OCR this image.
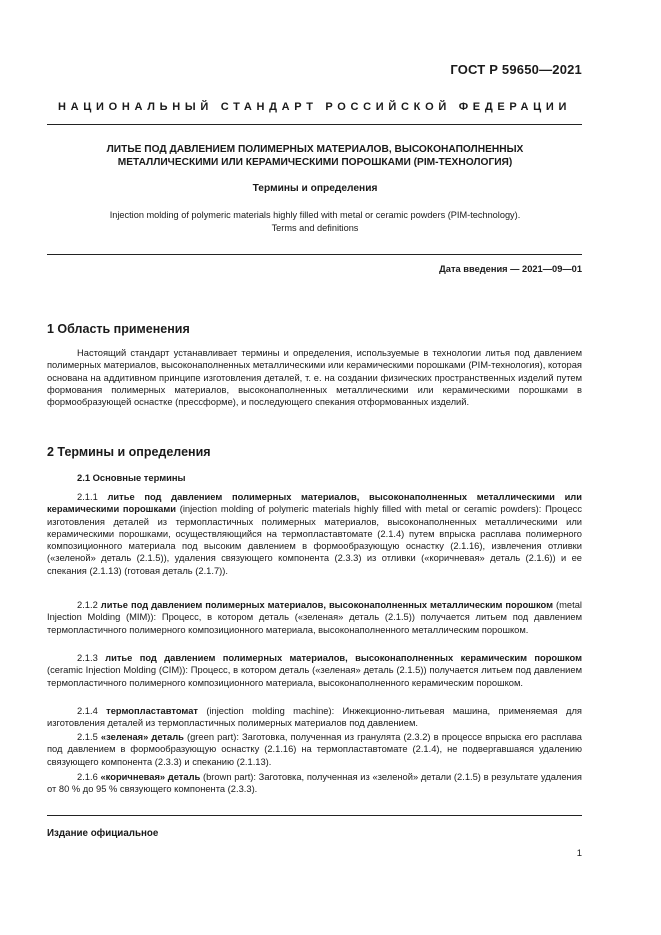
ГОСТ Р 59650—2021
НАЦИОНАЛЬНЫЙ СТАНДАРТ РОССИЙСКОЙ ФЕДЕРАЦИИ
ЛИТЬЕ ПОД ДАВЛЕНИЕМ ПОЛИМЕРНЫХ МАТЕРИАЛОВ, ВЫСОКОНАПОЛНЕННЫХ
МЕТАЛЛИЧЕСКИМИ ИЛИ КЕРАМИЧЕСКИМИ ПОРОШКАМИ (PIM-ТЕХНОЛОГИЯ)
Термины и определения
Injection molding of polymeric materials highly filled with metal or ceramic powders (PIM-technology).
Terms and definitions
Дата введения — 2021—09—01
1 Область применения
Настоящий стандарт устанавливает термины и определения, используемые в технологии литья под давлением полимерных материалов, высоконаполненных металлическими или керамическими порошками (PIM-технология), которая основана на аддитивном принципе изготовления деталей, т. е. на создании физических пространственных изделий путем формования полимерных материалов, высоконаполненных металлическими или керамическими порошками в формообразующей оснастке (прессформе), и последующего спекания отформованных изделий.
2 Термины и определения
2.1 Основные термины
2.1.1 литье под давлением полимерных материалов, высоконаполненных металлическими или керамическими порошками (injection molding of polymeric materials highly filled with metal or ceramic powders): Процесс изготовления деталей из термопластичных полимерных материалов, высоконаполненных металлическими или керамическими порошками, осуществляющийся на термопластавтомате (2.1.4) путем впрыска расплава полимерного композиционного материала под высоким давлением в формообразующую оснастку (2.1.16), извлечения отливки («зеленой» деталь (2.1.5)), удаления связующего компонента (2.3.3) из отливки («коричневая» деталь (2.1.6)) и ее спекания (2.1.13) (готовая деталь (2.1.7)).
2.1.2 литье под давлением полимерных материалов, высоконаполненных металлическим порошком (metal Injection Molding (MIM)): Процесс, в котором деталь («зеленая» деталь (2.1.5)) получается литьем под давлением термопластичного полимерного композиционного материала, высоконаполненного металлическим порошком.
2.1.3 литье под давлением полимерных материалов, высоконаполненных керамическим порошком (ceramic Injection Molding (CIM)): Процесс, в котором деталь («зеленая» деталь (2.1.5)) получается литьем под давлением термопластичного полимерного композиционного материала, высоконаполненного керамическим порошком.
2.1.4 термопластавтомат (injection molding machine): Инжекционно-литьевая машина, применяемая для изготовления деталей из термопластичных полимерных материалов под давлением.
2.1.5 «зеленая» деталь (green part): Заготовка, полученная из гранулята (2.3.2) в процессе впрыска его расплава под давлением в формообразующую оснастку (2.1.16) на термопластавтомате (2.1.4), не подвергавшаяся удалению связующего компонента (2.3.3) и спеканию (2.1.13).
2.1.6 «коричневая» деталь (brown part): Заготовка, полученная из «зеленой» детали (2.1.5) в результате удаления от 80 % до 95 % связующего компонента (2.3.3).
Издание официальное
1
